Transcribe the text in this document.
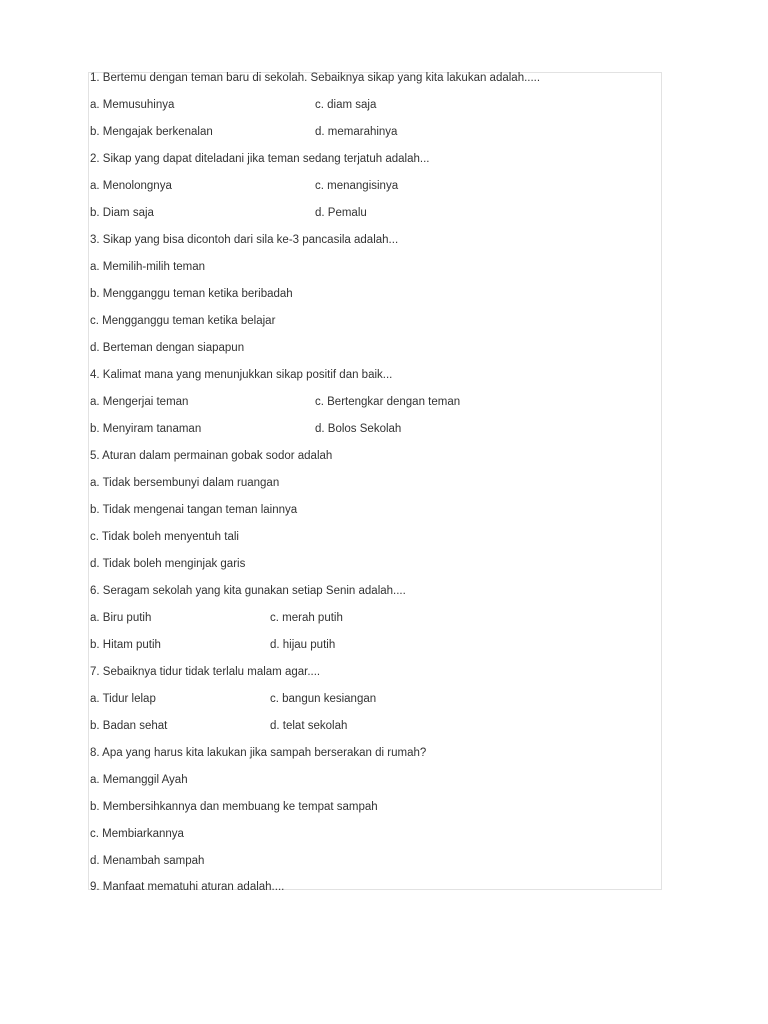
1. Bertemu dengan teman baru di sekolah. Sebaiknya sikap yang kita lakukan adalah.....
a. Memusuhinya	c. diam saja
b. Mengajak berkenalan	d. memarahinya
2. Sikap yang dapat diteladani jika teman sedang terjatuh adalah...
a. Menolongnya	c. menangisinya
b. Diam saja	d. Pemalu
3. Sikap yang bisa dicontoh dari sila ke-3 pancasila adalah...
a. Memilih-milih teman
b. Mengganggu teman ketika beribadah
c. Mengganggu teman ketika belajar
d. Berteman dengan siapapun
4. Kalimat mana yang menunjukkan sikap positif dan baik...
a. Mengerjai teman	c. Bertengkar dengan teman
b. Menyiram tanaman	d. Bolos Sekolah
5. Aturan dalam permainan gobak sodor adalah
a. Tidak bersembunyi dalam ruangan
b. Tidak mengenai tangan teman lainnya
c. Tidak boleh menyentuh tali
d. Tidak boleh menginjak garis
6. Seragam sekolah yang kita gunakan setiap Senin adalah....
a. Biru putih	c. merah putih
b. Hitam putih	d. hijau putih
7. Sebaiknya tidur tidak terlalu malam agar....
a. Tidur lelap	c. bangun kesiangan
b. Badan sehat	d. telat sekolah
8. Apa yang harus kita lakukan jika sampah berserakan di rumah?
a. Memanggil Ayah
b. Membersihkannya dan membuang ke tempat sampah
c. Membiarkannya
d. Menambah sampah
9. Manfaat mematuhi aturan adalah....
